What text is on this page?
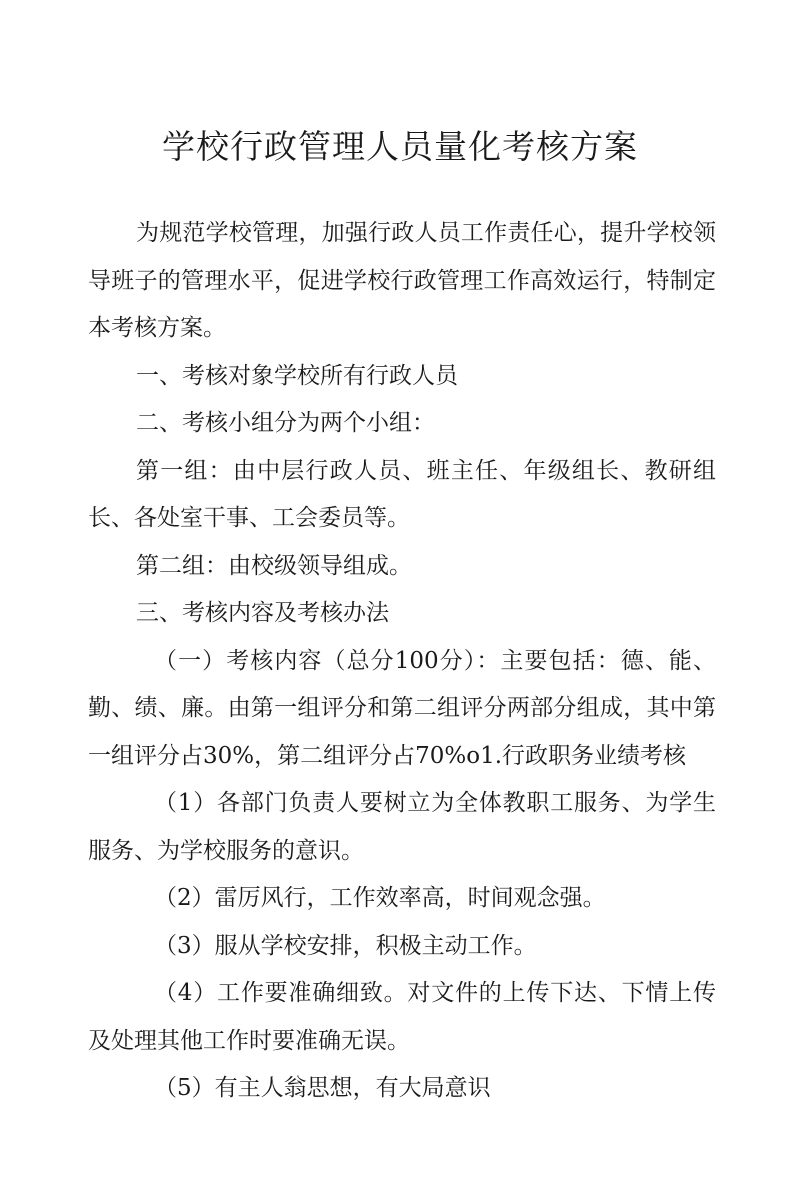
学校行政管理人员量化考核方案

为规范学校管理，加强行政人员工作责任心，提升学校领导班子的管理水平，促进学校行政管理工作高效运行，特制定本考核方案。

一、考核对象学校所有行政人员

二、考核小组分为两个小组：

第一组：由中层行政人员、班主任、年级组长、教研组长、各处室干事、工会委员等。

第二组：由校级领导组成。

三、考核内容及考核办法

（一）考核内容（总分100分）：主要包括：德、能、勤、绩、廉。由第一组评分和第二组评分两部分组成，其中第一组评分占30%，第二组评分占70%o1.行政职务业绩考核

（1）各部门负责人要树立为全体教职工服务、为学生服务、为学校服务的意识。

（2）雷厉风行，工作效率高，时间观念强。

（3）服从学校安排，积极主动工作。

（4）工作要准确细致。对文件的上传下达、下情上传及处理其他工作时要准确无误。

（5）有主人翁思想，有大局意识
